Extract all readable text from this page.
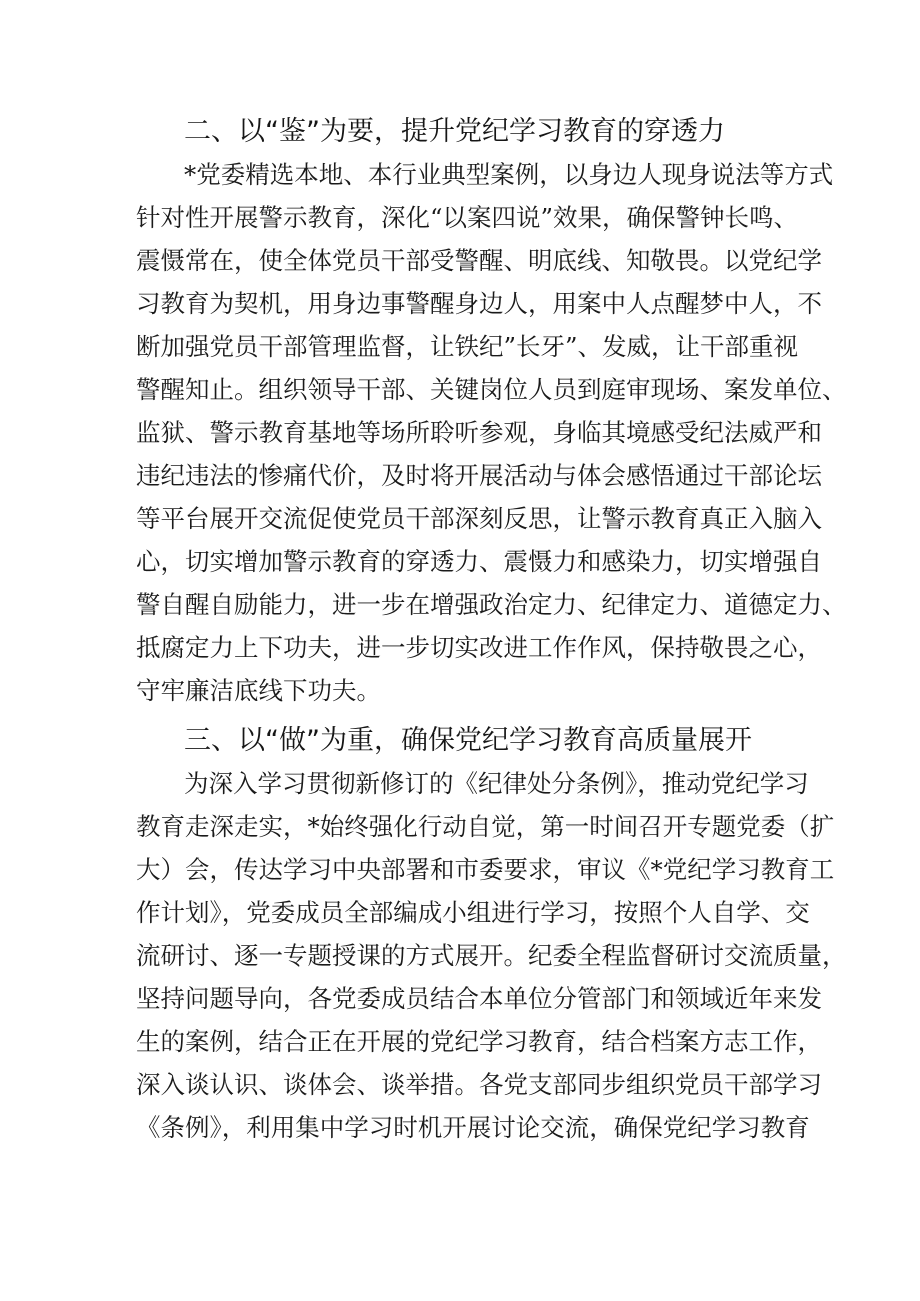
二、以“鉴”为要，提升党纪学习教育的穿透力
*党委精选本地、本行业典型案例，以身边人现身说法等方式
针对性开展警示教育，深化“以案四说”效果，确保警钟长鸣、
震慑常在，使全体党员干部受警醒、明底线、知敬畏。以党纪学
习教育为契机，用身边事警醒身边人，用案中人点醒梦中人，不
断加强党员干部管理监督，让铁纪”长牙”、发威，让干部重视
警醒知止。组织领导干部、关键岗位人员到庭审现场、案发单位、
监狱、警示教育基地等场所聆听参观，身临其境感受纪法威严和
违纪违法的惨痛代价，及时将开展活动与体会感悟通过干部论坛
等平台展开交流促使党员干部深刻反思，让警示教育真正入脑入
心，切实增加警示教育的穿透力、震慑力和感染力，切实增强自
警自醒自励能力，进一步在增强政治定力、纪律定力、道德定力、
抵腐定力上下功夫，进一步切实改进工作作风，保持敬畏之心，
守牢廉洁底线下功夫。
三、以“做”为重，确保党纪学习教育高质量展开
为深入学习贯彻新修订的《纪律处分条例》，推动党纪学习
教育走深走实，*始终强化行动自觉，第一时间召开专题党委（扩
大）会，传达学习中央部署和市委要求，审议《*党纪学习教育工
作计划》，党委成员全部编成小组进行学习，按照个人自学、交
流研讨、逐一专题授课的方式展开。纪委全程监督研讨交流质量，
坚持问题导向，各党委成员结合本单位分管部门和领域近年来发
生的案例，结合正在开展的党纪学习教育，结合档案方志工作，
深入谈认识、谈体会、谈举措。各党支部同步组织党员干部学习
《条例》，利用集中学习时机开展讨论交流，确保党纪学习教育
